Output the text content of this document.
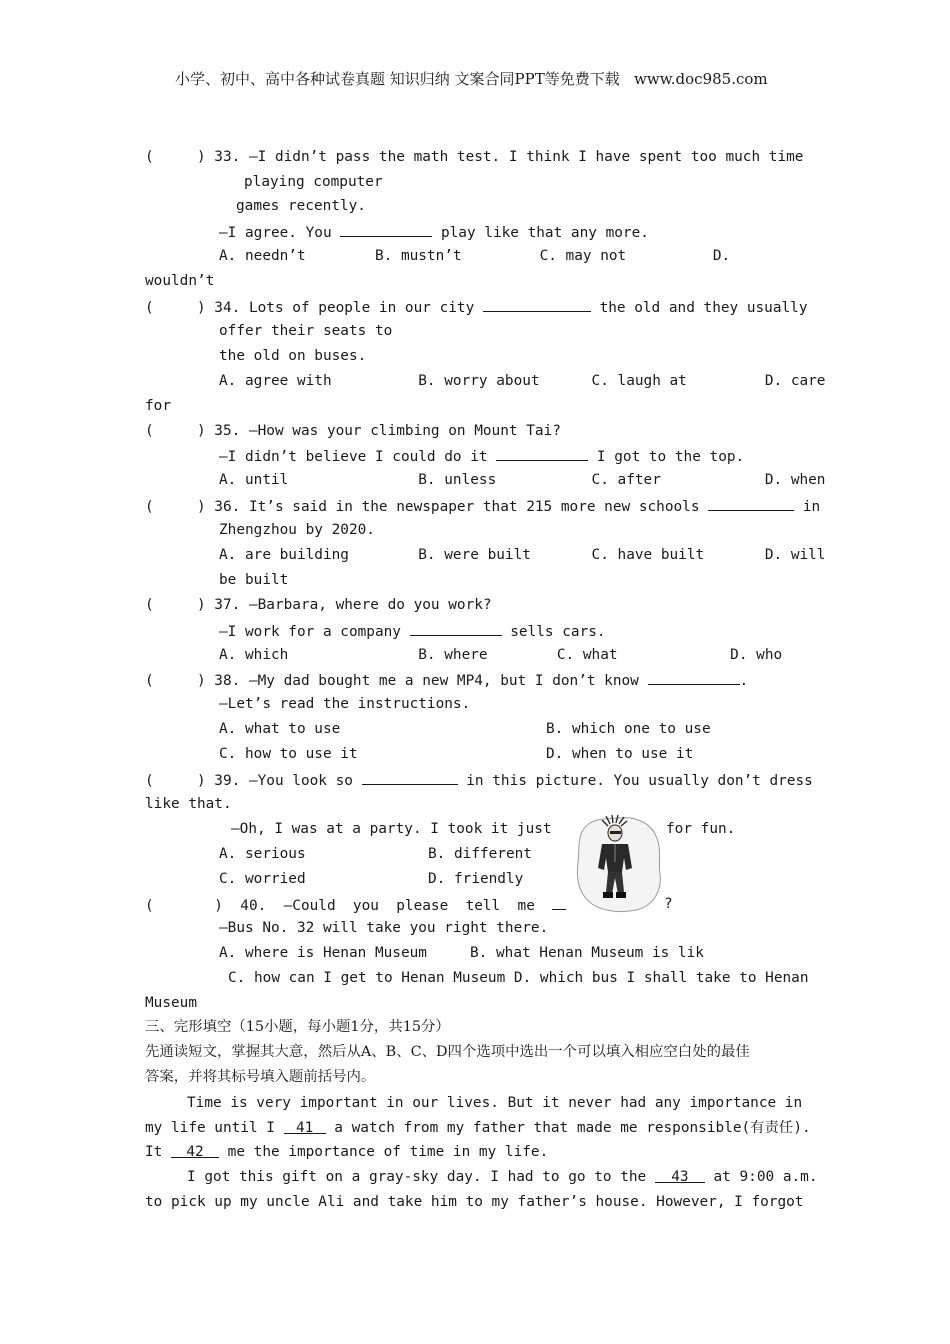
小学、初中、高中各种试卷真题 知识归纳 文案合同PPT等免费下载   www.doc985.com
(     ) 33. —I didn’t pass the math test. I think I have spent too much time
playing computer
games recently.
—I agree. You	play like that any more.
A. needn’t        B. mustn’t         C. may not          D.
wouldn’t
(     ) 34. Lots of people in our city	the old and they usually
offer their seats to
the old on buses.
A. agree with          B. worry about      C. laugh at         D. care
for
(     ) 35. —How was your climbing on Mount Tai?
—I didn’t believe I could do it	I got to the top.
A. until               B. unless           C. after            D. when
(     ) 36. It’s said in the newspaper that 215 more new schools	in
Zhengzhou by 2020.
A. are building        B. were built       C. have built       D. will
be built
(     ) 37. —Barbara, where do you work?
—I work for a company	sells cars.
A. which               B. where        C. what             D. who
(     ) 38. —My dad bought me a new MP4, but I don’t know	.
—Let’s read the instructions.
A. what to use	B. which one to use
C. how to use it	D. when to use it
(     ) 39. —You look so	in this picture. You usually don’t dress
like that.
—Oh, I was at a party. I took it just	for fun.
A. serious	B. different
C. worried	D. friendly
(       )  40.  —Could  you  please  tell  me	?
—Bus No. 32 will take you right there.
A. where is Henan Museum	B. what Henan Museum is lik
C. how can I get to Henan Museum D. which bus I shall take to Henan
Museum
三、完形填空（15小题，每小题1分，共15分）
先通读短文，掌握其大意，然后从A、B、C、D四个选项中选出一个可以填入相应空白处的最佳
答案，并将其标号填入题前括号内。
Time is very important in our lives. But it never had any importance in
my life until I 41 a watch from my father that made me responsible(有责任).
It 42 me the importance of time in my life.
I got this gift on a gray-sky day. I had to go to the 43 at 9:00 a.m.
to pick up my uncle Ali and take him to my father’s house. However, I forgot
